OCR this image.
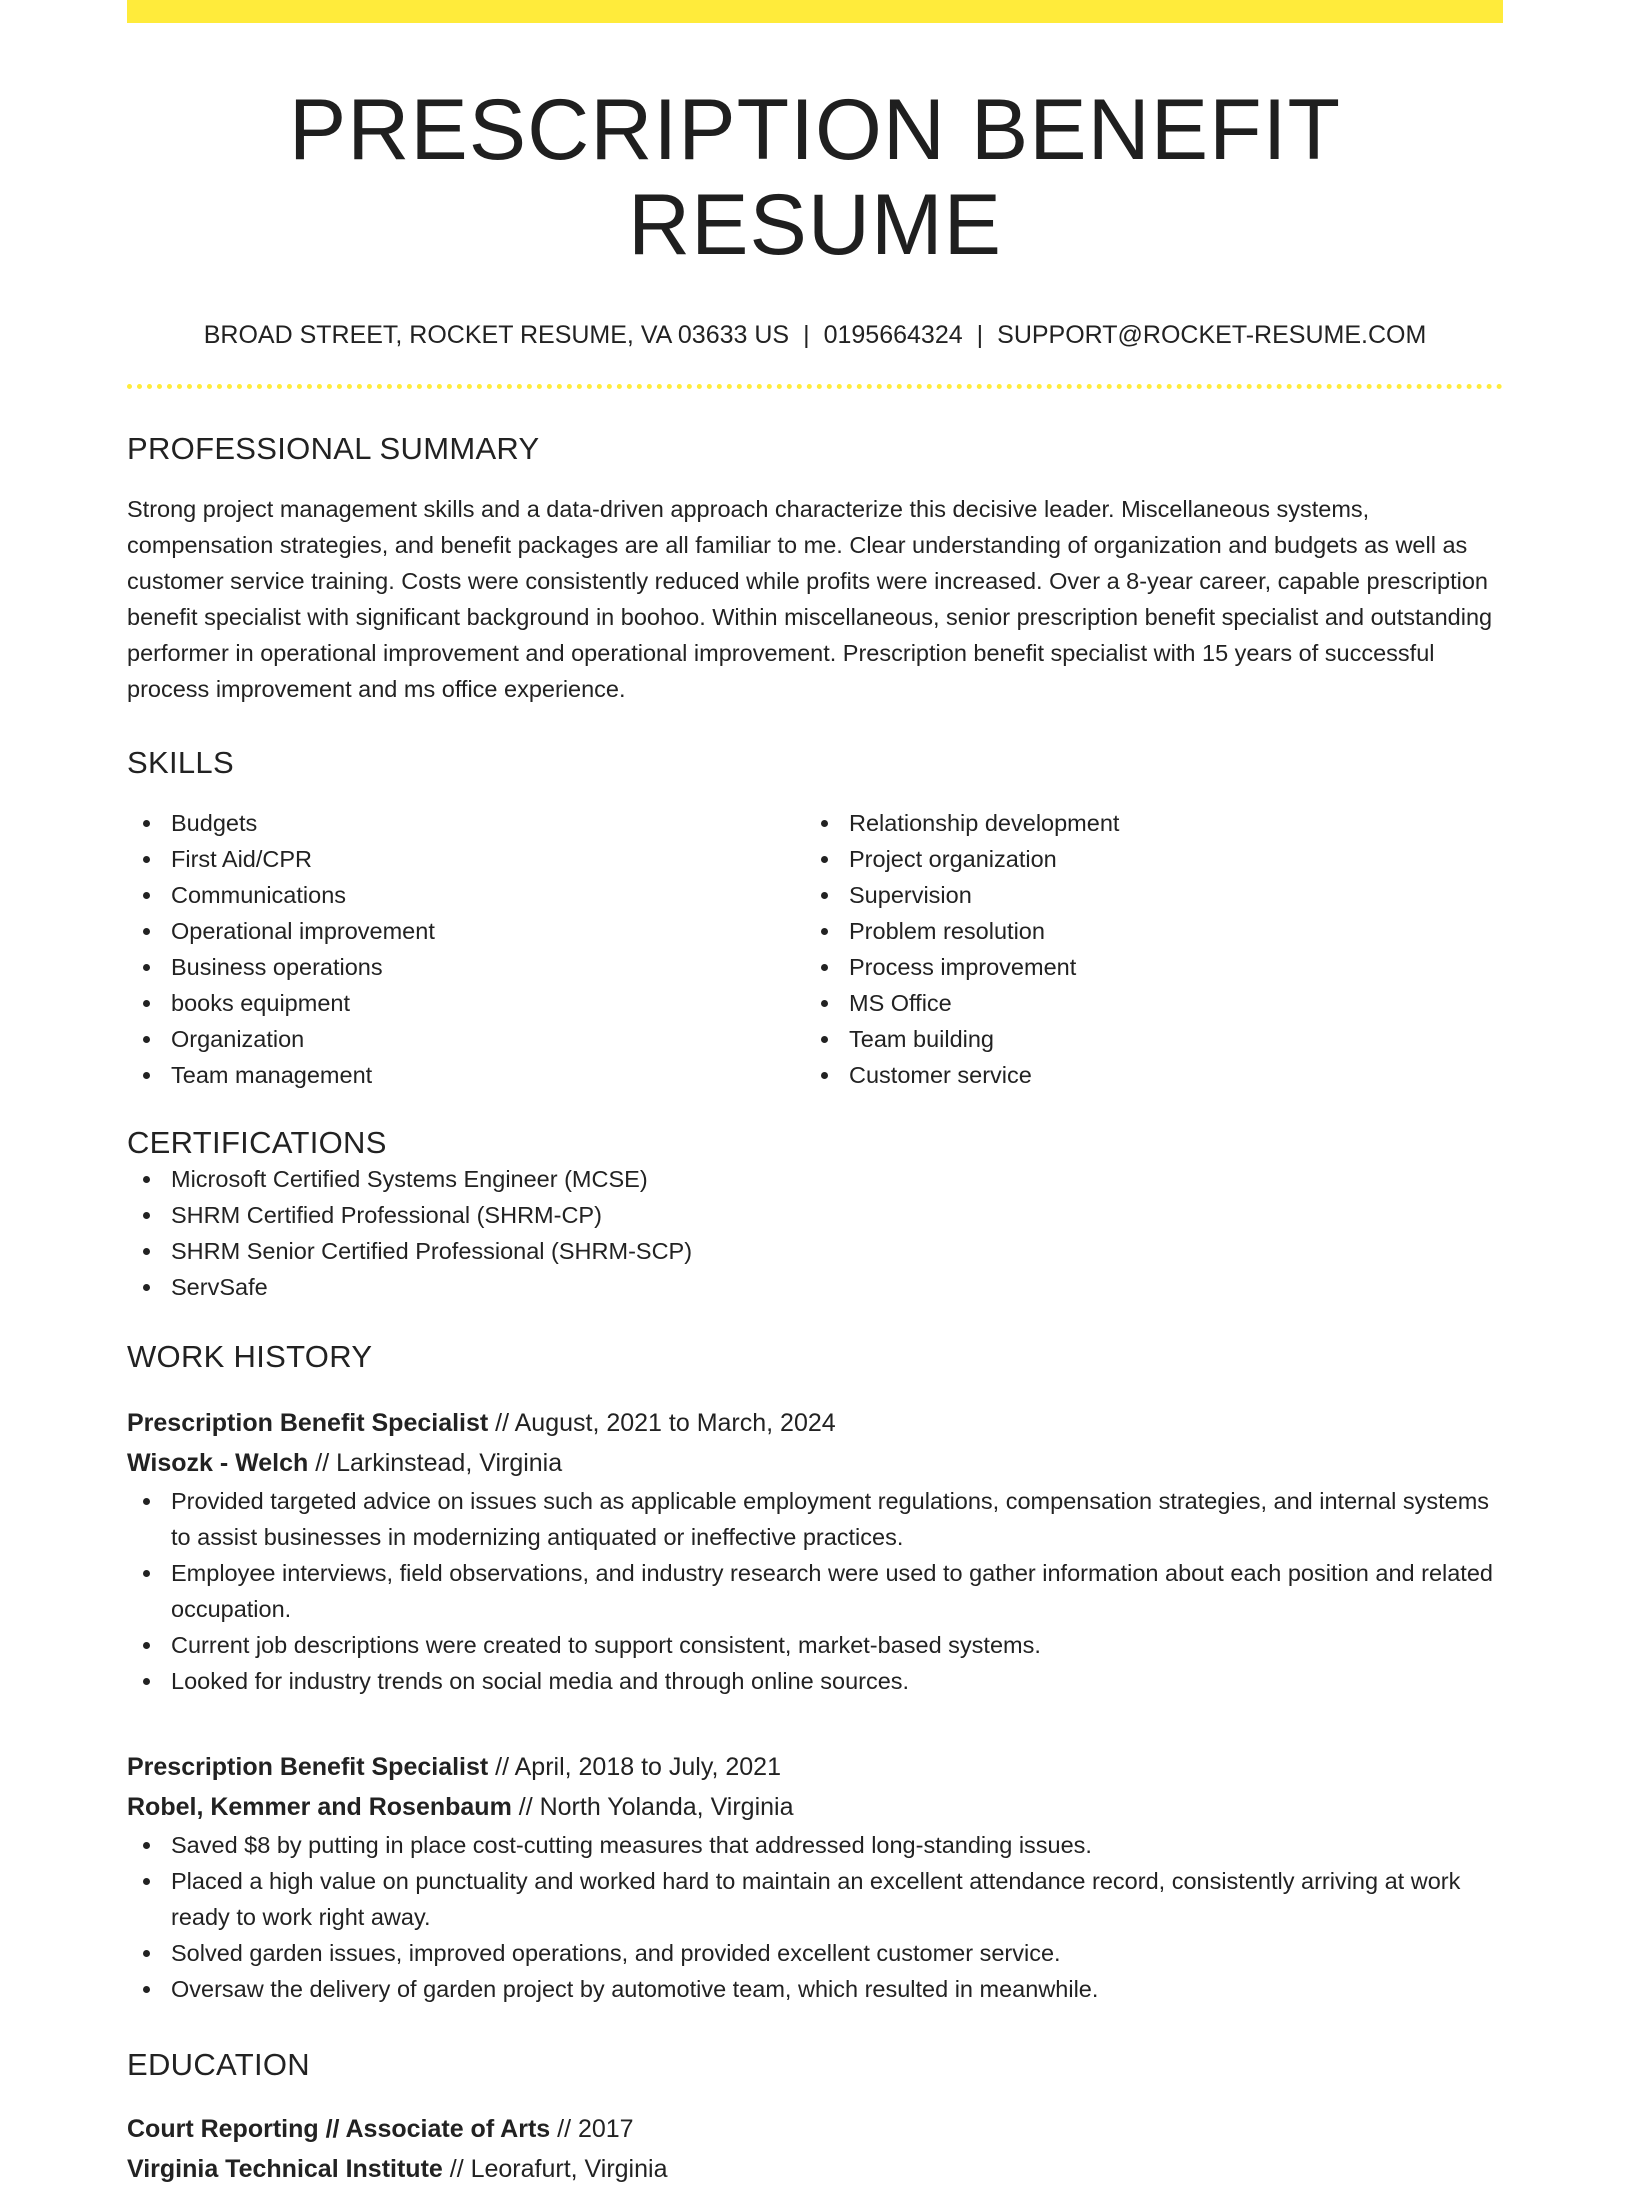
PRESCRIPTION BENEFIT RESUME
BROAD STREET, ROCKET RESUME, VA 03633 US | 0195664324 | SUPPORT@ROCKET-RESUME.COM
PROFESSIONAL SUMMARY

Strong project management skills and a data-driven approach characterize this decisive leader. Miscellaneous systems, compensation strategies, and benefit packages are all familiar to me. Clear understanding of organization and budgets as well as customer service training. Costs were consistently reduced while profits were increased. Over a 8-year career, capable prescription benefit specialist with significant background in boohoo. Within miscellaneous, senior prescription benefit specialist and outstanding performer in operational improvement and operational improvement. Prescription benefit specialist with 15 years of successful process improvement and ms office experience.

SKILLS
Budgets
First Aid/CPR
Communications
Operational improvement
Business operations
books equipment
Organization
Team management
Relationship development
Project organization
Supervision
Problem resolution
Process improvement
MS Office
Team building
Customer service
CERTIFICATIONS
Microsoft Certified Systems Engineer (MCSE)
SHRM Certified Professional (SHRM-CP)
SHRM Senior Certified Professional (SHRM-SCP)
ServSafe
WORK HISTORY
Prescription Benefit Specialist // August, 2021 to March, 2024
Wisozk - Welch // Larkinstead, Virginia
Provided targeted advice on issues such as applicable employment regulations, compensation strategies, and internal systems to assist businesses in modernizing antiquated or ineffective practices.
Employee interviews, field observations, and industry research were used to gather information about each position and related occupation.
Current job descriptions were created to support consistent, market-based systems.
Looked for industry trends on social media and through online sources.
Prescription Benefit Specialist // April, 2018 to July, 2021
Robel, Kemmer and Rosenbaum // North Yolanda, Virginia
Saved $8 by putting in place cost-cutting measures that addressed long-standing issues.
Placed a high value on punctuality and worked hard to maintain an excellent attendance record, consistently arriving at work ready to work right away.
Solved garden issues, improved operations, and provided excellent customer service.
Oversaw the delivery of garden project by automotive team, which resulted in meanwhile.
EDUCATION
Court Reporting // Associate of Arts // 2017
Virginia Technical Institute // Leorafurt, Virginia
